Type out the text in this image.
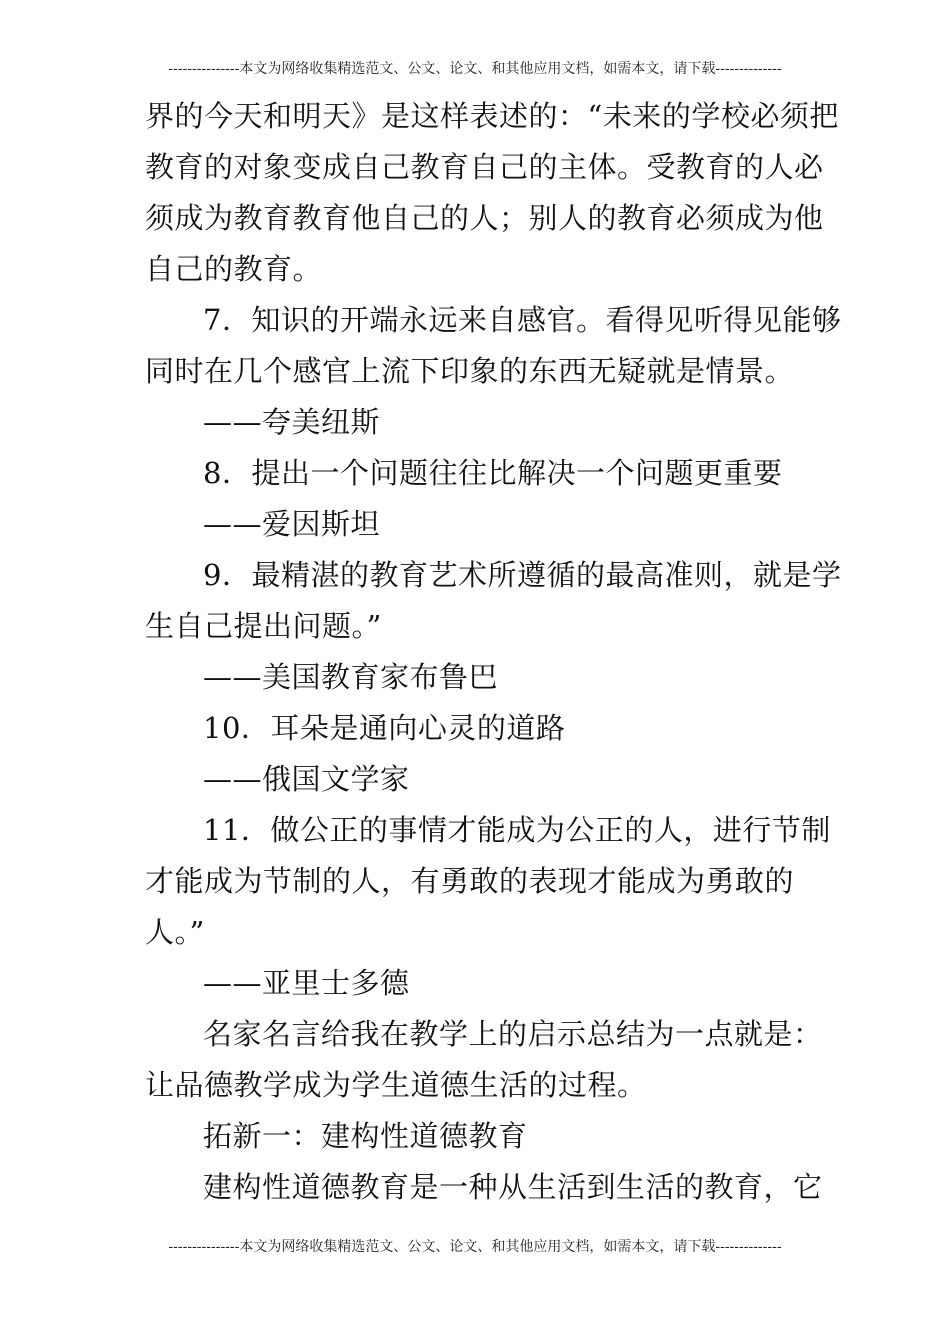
---------------本文为网络收集精选范文、公文、论文、和其他应用文档，如需本文，请下载--------------
界的今天和明天》是这样表述的：“未来的学校必须把
教育的对象变成自己教育自己的主体。受教育的人必
须成为教育教育他自己的人；别人的教育必须成为他
自己的教育。
7．知识的开端永远来自感官。看得见听得见能够
同时在几个感官上流下印象的东西无疑就是情景。
——夸美纽斯
8．提出一个问题往往比解决一个问题更重要
——爱因斯坦
9．最精湛的教育艺术所遵循的最高准则，就是学
生自己提出问题。”
——美国教育家布鲁巴
10．耳朵是通向心灵的道路
——俄国文学家
11．做公正的事情才能成为公正的人，进行节制
才能成为节制的人，有勇敢的表现才能成为勇敢的
人。”
——亚里士多德
名家名言给我在教学上的启示总结为一点就是：
让品德教学成为学生道德生活的过程。
拓新一：建构性道德教育
建构性道德教育是一种从生活到生活的教育，它
---------------本文为网络收集精选范文、公文、论文、和其他应用文档，如需本文，请下载--------------
